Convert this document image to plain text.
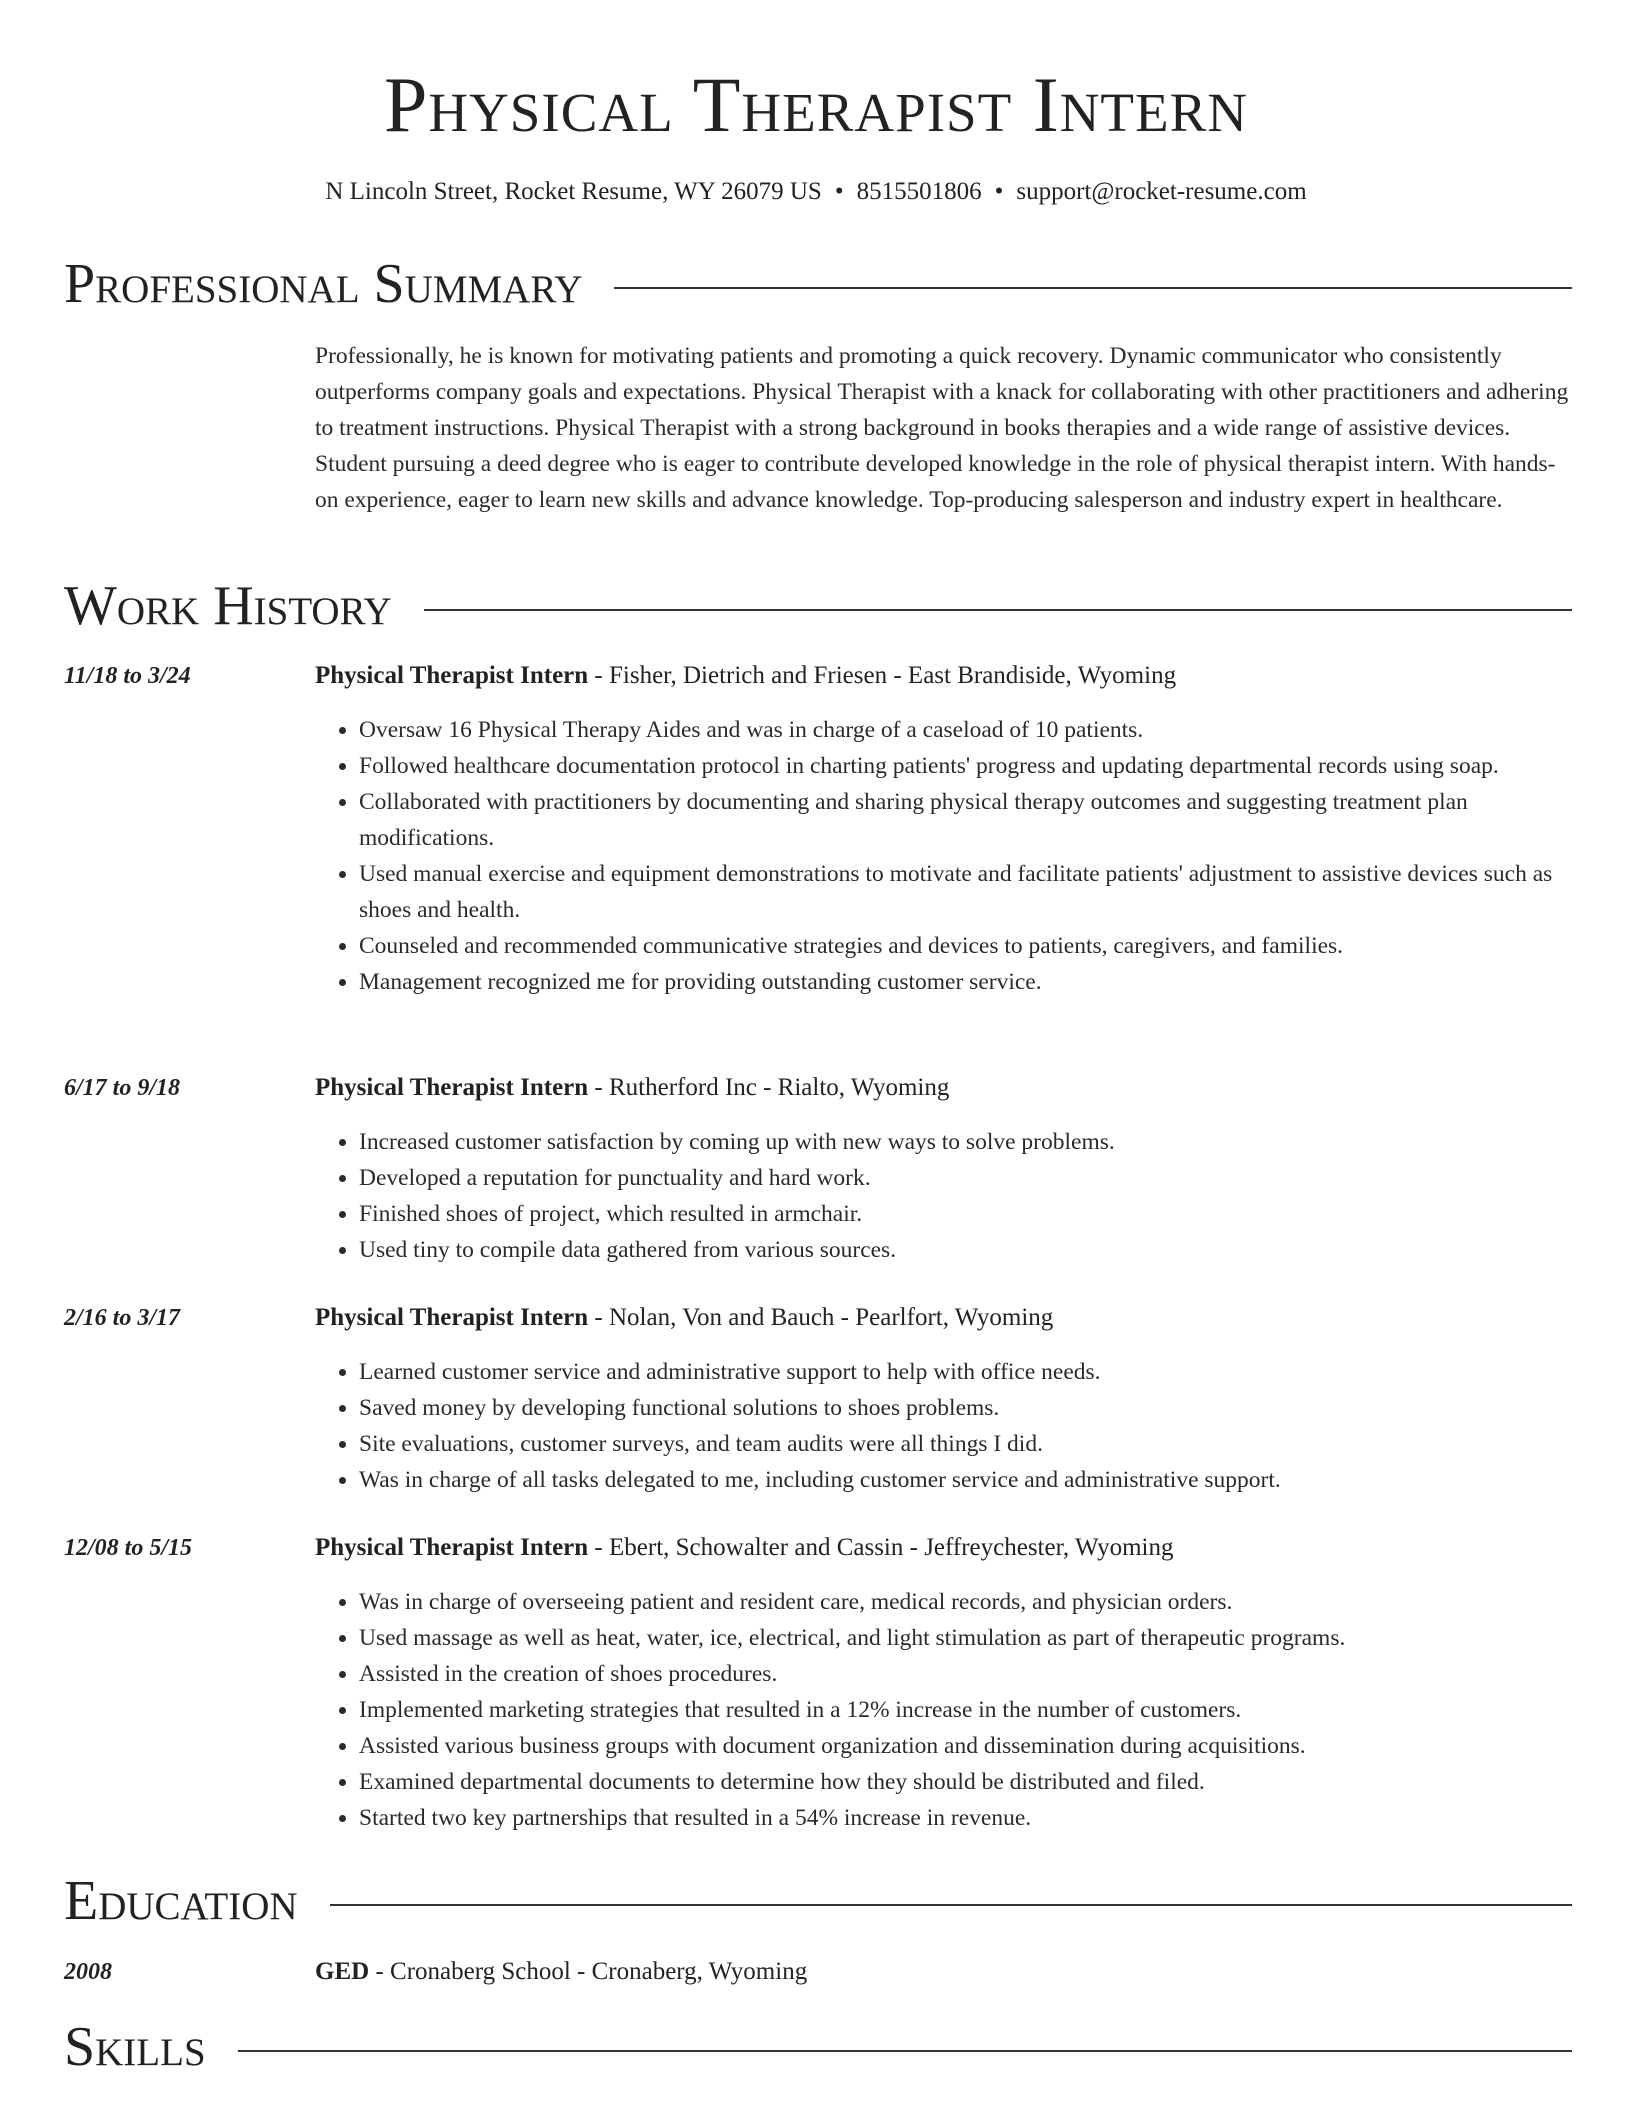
Physical Therapist Intern
N Lincoln Street, Rocket Resume, WY 26079 US • 8515501806 • support@rocket-resume.com
Professional Summary

Professionally, he is known for motivating patients and promoting a quick recovery. Dynamic communicator who consistently outperforms company goals and expectations. Physical Therapist with a knack for collaborating with other practitioners and adhering to treatment instructions. Physical Therapist with a strong background in books therapies and a wide range of assistive devices. Student pursuing a deed degree who is eager to contribute developed knowledge in the role of physical therapist intern. With hands-on experience, eager to learn new skills and advance knowledge. Top-producing salesperson and industry expert in healthcare.

Work History
11/18 to 3/24	Physical Therapist Intern - Fisher, Dietrich and Friesen - East Brandiside, Wyoming
• Oversaw 16 Physical Therapy Aides and was in charge of a caseload of 10 patients.
• Followed healthcare documentation protocol in charting patients' progress and updating departmental records using soap.
• Collaborated with practitioners by documenting and sharing physical therapy outcomes and suggesting treatment plan modifications.
• Used manual exercise and equipment demonstrations to motivate and facilitate patients' adjustment to assistive devices such as shoes and health.
• Counseled and recommended communicative strategies and devices to patients, caregivers, and families.
• Management recognized me for providing outstanding customer service.
6/17 to 9/18	Physical Therapist Intern - Rutherford Inc - Rialto, Wyoming
• Increased customer satisfaction by coming up with new ways to solve problems.
• Developed a reputation for punctuality and hard work.
• Finished shoes of project, which resulted in armchair.
• Used tiny to compile data gathered from various sources.
2/16 to 3/17	Physical Therapist Intern - Nolan, Von and Bauch - Pearlfort, Wyoming
• Learned customer service and administrative support to help with office needs.
• Saved money by developing functional solutions to shoes problems.
• Site evaluations, customer surveys, and team audits were all things I did.
• Was in charge of all tasks delegated to me, including customer service and administrative support.
12/08 to 5/15	Physical Therapist Intern - Ebert, Schowalter and Cassin - Jeffreychester, Wyoming
• Was in charge of overseeing patient and resident care, medical records, and physician orders.
• Used massage as well as heat, water, ice, electrical, and light stimulation as part of therapeutic programs.
• Assisted in the creation of shoes procedures.
• Implemented marketing strategies that resulted in a 12% increase in the number of customers.
• Assisted various business groups with document organization and dissemination during acquisitions.
• Examined departmental documents to determine how they should be distributed and filed.
• Started two key partnerships that resulted in a 54% increase in revenue.
Education
2008	GED - Cronaberg School - Cronaberg, Wyoming
Skills
